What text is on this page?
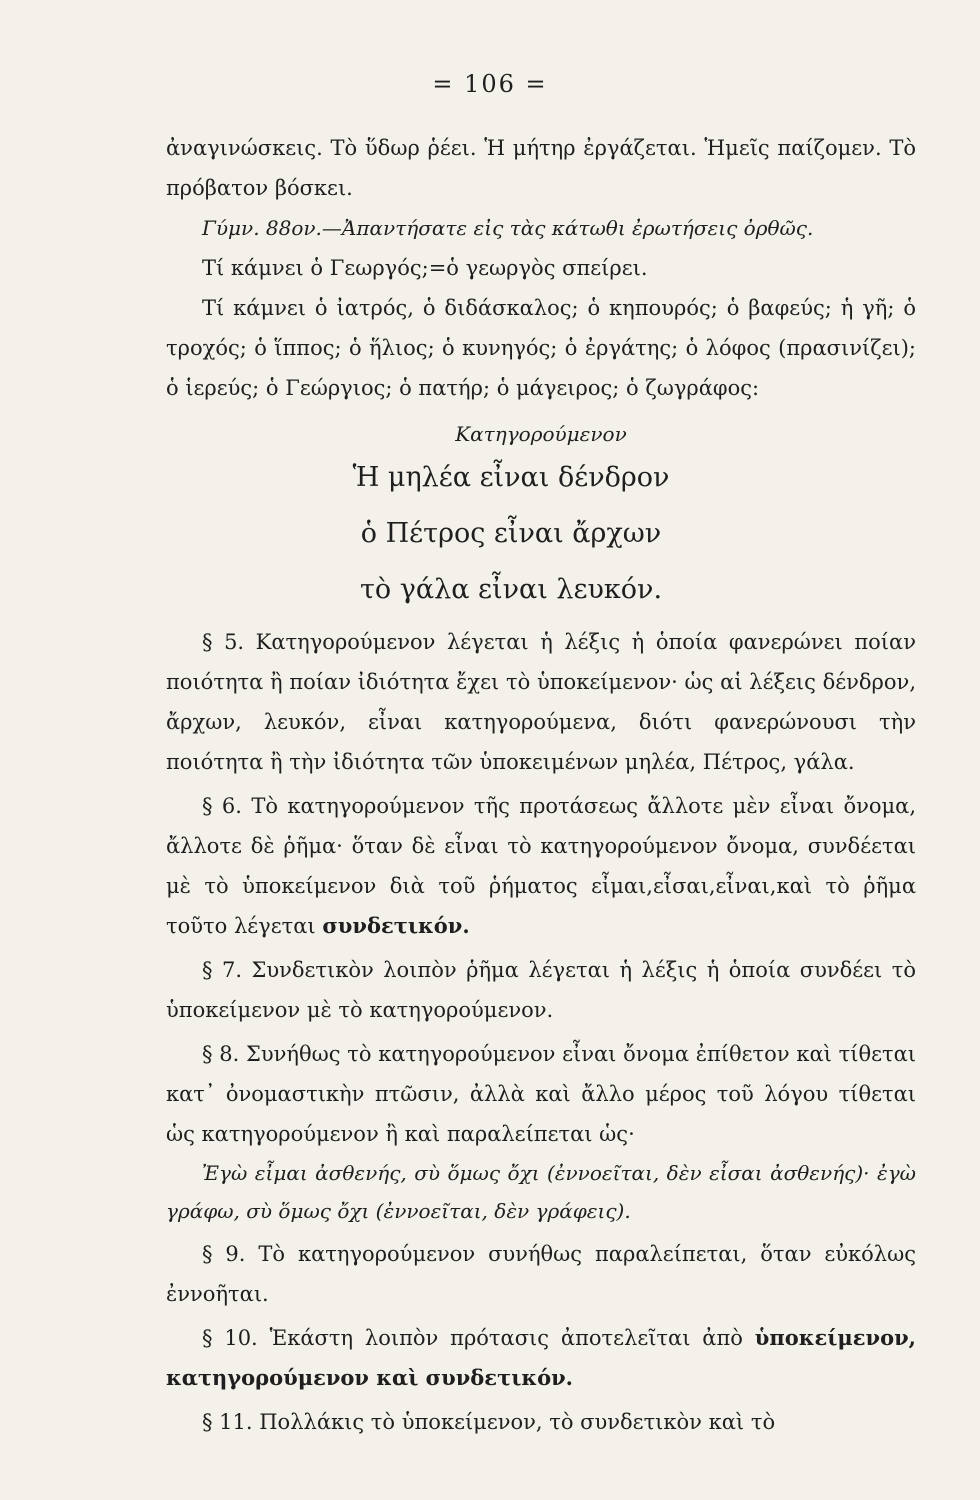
= 106 =

ἀναγινώσκεις. Τὸ ὕδωρ ῥέει. Ἡ μήτηρ ἐργάζεται. Ἡμεῖς παίζομεν. Τὸ πρόβατον βόσκει.

Γύμν. 88ον.—Ἀπαντήσατε εἰς τὰς κάτωθι ἐρωτήσεις ὀρθῶς.

Τί κάμνει ὁ Γεωργός;=ὁ γεωργὸς σπείρει.

Τί κάμνει ὁ ἰατρός, ὁ διδάσκαλος; ὁ κηπουρός; ὁ βαφεύς; ἡ γῆ; ὁ τροχός; ὁ ἵππος; ὁ ἥλιος; ὁ κυνηγός; ὁ ἐργάτης; ὁ λόφος (πρασινίζει); ὁ ἱερεύς; ὁ Γεώργιος; ὁ πατήρ; ὁ μάγειρος; ὁ ζωγράφος:

Κατηγορούμενον

Ἡ μηλέα εἶναι δένδρον
ὁ Πέτρος εἶναι ἄρχων
τὸ γάλα εἶναι λευκόν.

§ 5. Κατηγορούμενον λέγεται ἡ λέξις ἡ ὁποία φανερώνει ποίαν ποιότητα ἢ ποίαν ἰδιότητα ἔχει τὸ ὑποκείμενον· ὡς αἱ λέξεις δένδρον, ἄρχων, λευκόν, εἶναι κατηγορούμενα, διότι φανερώνουσι τὴν ποιότητα ἢ τὴν ἰδιότητα τῶν ὑποκειμένων μηλέα, Πέτρος, γάλα.

§ 6. Τὸ κατηγορούμενον τῆς προτάσεως ἄλλοτε μὲν εἶναι ὄνομα, ἄλλοτε δὲ ῥῆμα· ὅταν δὲ εἶναι τὸ κατηγορούμενον ὄνομα, συνδέεται μὲ τὸ ὑποκείμενον διὰ τοῦ ῥήματος εἶμαι,εἶσαι,εἶναι,καὶ τὸ ῥῆμα τοῦτο λέγεται συνδετικόν.

§ 7. Συνδετικὸν λοιπὸν ῥῆμα λέγεται ἡ λέξις ἡ ὁποία συνδέει τὸ ὑποκείμενον μὲ τὸ κατηγορούμενον.

§ 8. Συνήθως τὸ κατηγορούμενον εἶναι ὄνομα ἐπίθετον καὶ τίθεται κατ᾽ ὀνομαστικὴν πτῶσιν, ἀλλὰ καὶ ἄλλο μέρος τοῦ λόγου τίθεται ὡς κατηγορούμενον ἢ καὶ παραλείπεται ὡς·

Ἐγὼ εἶμαι ἀσθενής, σὺ ὅμως ὄχι (ἐννοεῖται, δὲν εἶσαι ἀσθενής)· ἐγὼ γράφω, σὺ ὅμως ὄχι (ἐννοεῖται, δὲν γράφεις).

§ 9. Τὸ κατηγορούμενον συνήθως παραλείπεται, ὅταν εὐκόλως ἐννοῆται.

§ 10. Ἑκάστη λοιπὸν πρότασις ἀποτελεῖται ἀπὸ ὑποκείμενον, κατηγορούμενον καὶ συνδετικόν.

§ 11. Πολλάκις τὸ ὑποκείμενον, τὸ συνδετικὸν καὶ τὸ
